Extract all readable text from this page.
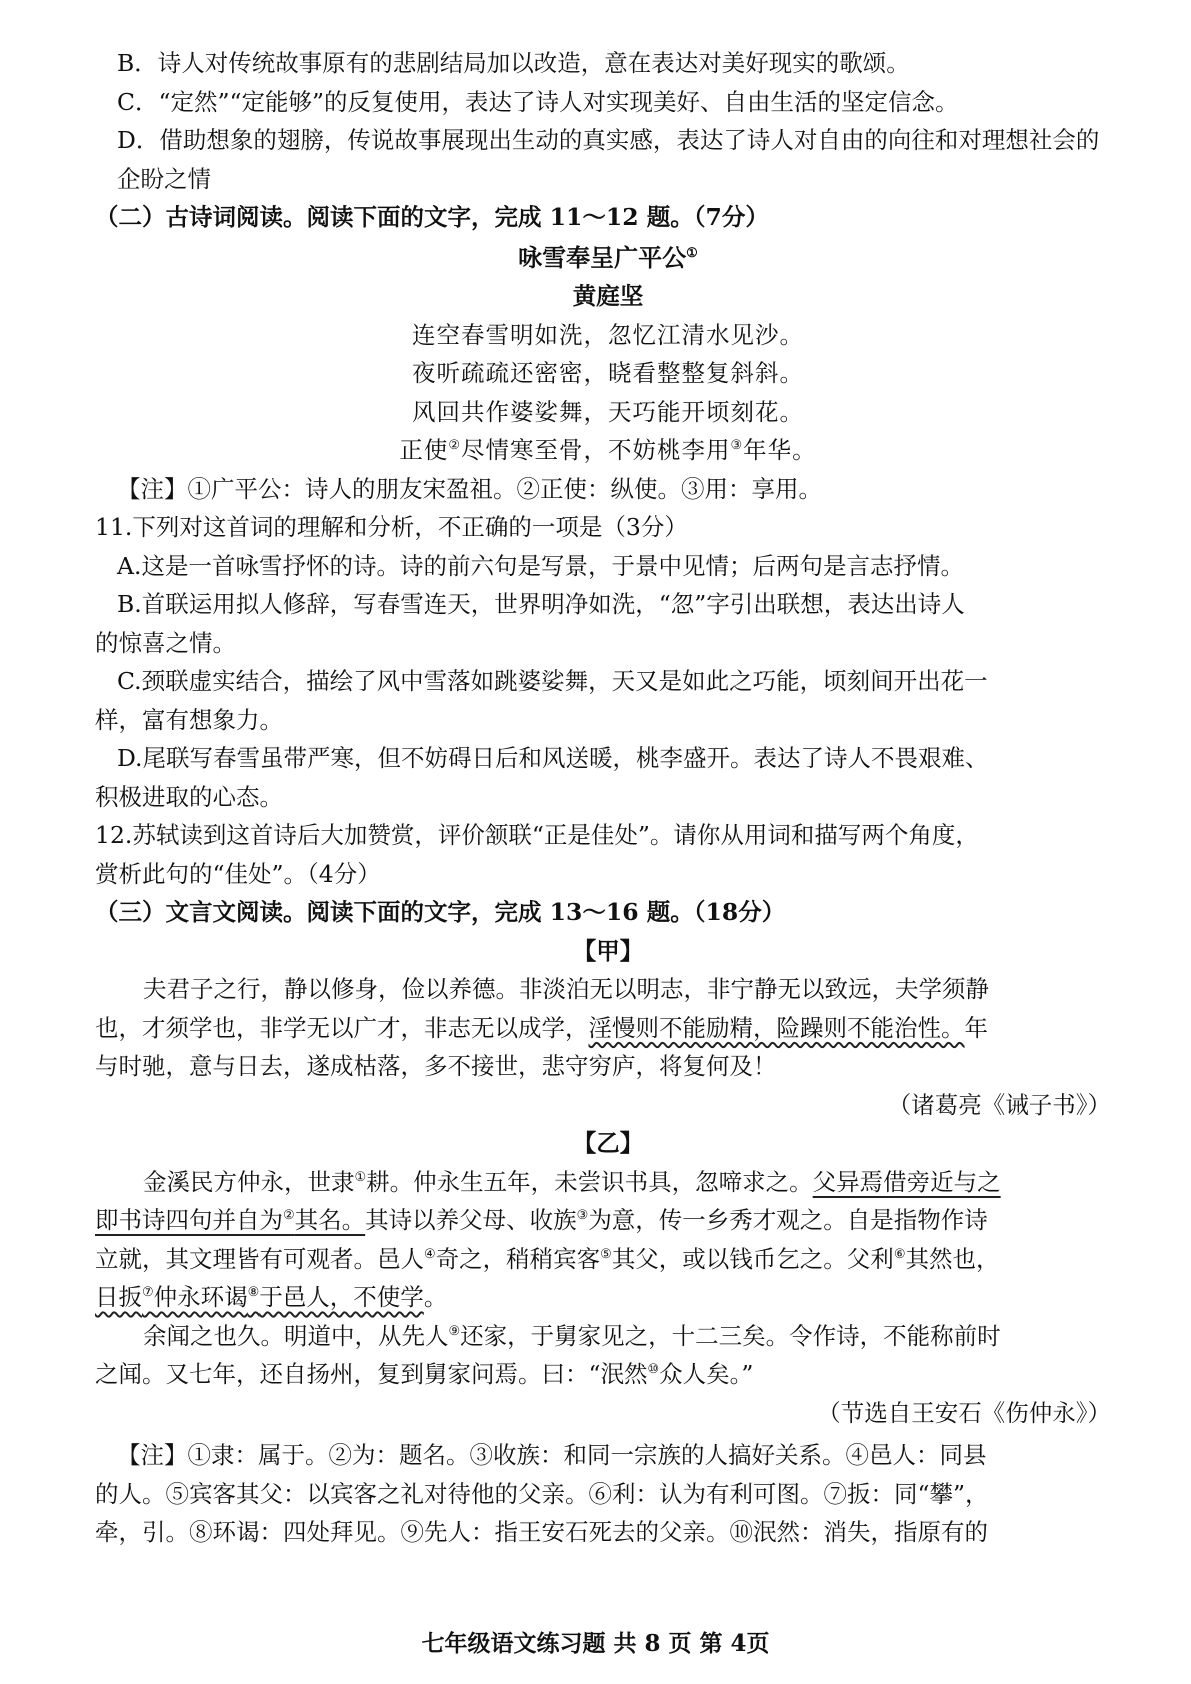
B．诗人对传统故事原有的悲剧结局加以改造，意在表达对美好现实的歌颂。

C．“定然”“定能够”的反复使用，表达了诗人对实现美好、自由生活的坚定信念。

D．借助想象的翅膀，传说故事展现出生动的真实感，表达了诗人对自由的向往和对理想社会的企盼之情

（二）古诗词阅读。阅读下面的文字，完成 11～12 题。（7分）

咏雪奉呈广平公①

黄庭坚

连空春雪明如洗，忽忆江清水见沙。

夜听疏疏还密密，晓看整整复斜斜。

风回共作婆娑舞，天巧能开顷刻花。

正使②尽情寒至骨，不妨桃李用③年华。

【注】①广平公：诗人的朋友宋盈祖。②正使：纵使。③用：享用。

11.下列对这首词的理解和分析，不正确的一项是（3分）

A.这是一首咏雪抒怀的诗。诗的前六句是写景，于景中见情；后两句是言志抒情。

B.首联运用拟人修辞，写春雪连天，世界明净如洗，“忽”字引出联想，表达出诗人

的惊喜之情。

C.颈联虚实结合，描绘了风中雪落如跳婆娑舞，天又是如此之巧能，顷刻间开出花一

样，富有想象力。

D.尾联写春雪虽带严寒，但不妨碍日后和风送暖，桃李盛开。表达了诗人不畏艰难、

积极进取的心态。

12.苏轼读到这首诗后大加赞赏，评价颔联“正是佳处”。请你从用词和描写两个角度，

赏析此句的“佳处”。（4分）

（三）文言文阅读。阅读下面的文字，完成 13～16 题。（18分）

【甲】

夫君子之行，静以修身，俭以养德。非淡泊无以明志，非宁静无以致远，夫学须静

也，才须学也，非学无以广才，非志无以成学，淫慢则不能励精，险躁则不能治性。年

与时驰，意与日去，遂成枯落，多不接世，悲守穷庐，将复何及！

（诸葛亮《诫子书》）

【乙】

金溪民方仲永，世隶①耕。仲永生五年，未尝识书具，忽啼求之。父异焉借旁近与之

即书诗四句并自为②其名。其诗以养父母、收族③为意，传一乡秀才观之。自是指物作诗

立就，其文理皆有可观者。邑人④奇之，稍稍宾客⑤其父，或以钱币乞之。父利⑥其然也，

日扳⑦仲永环谒⑧于邑人，不使学。

余闻之也久。明道中，从先人⑨还家，于舅家见之，十二三矣。令作诗，不能称前时

之闻。又七年，还自扬州，复到舅家问焉。曰：“泯然⑩众人矣。”

（节选自王安石《伤仲永》）

【注】①隶：属于。②为：题名。③收族：和同一宗族的人搞好关系。④邑人：同县

的人。⑤宾客其父：以宾客之礼对待他的父亲。⑥利：认为有利可图。⑦扳：同“攀”，

牵，引。⑧环谒：四处拜见。⑨先人：指王安石死去的父亲。⑩泯然：消失，指原有的

七年级语文练习题 共 8 页 第 4页
